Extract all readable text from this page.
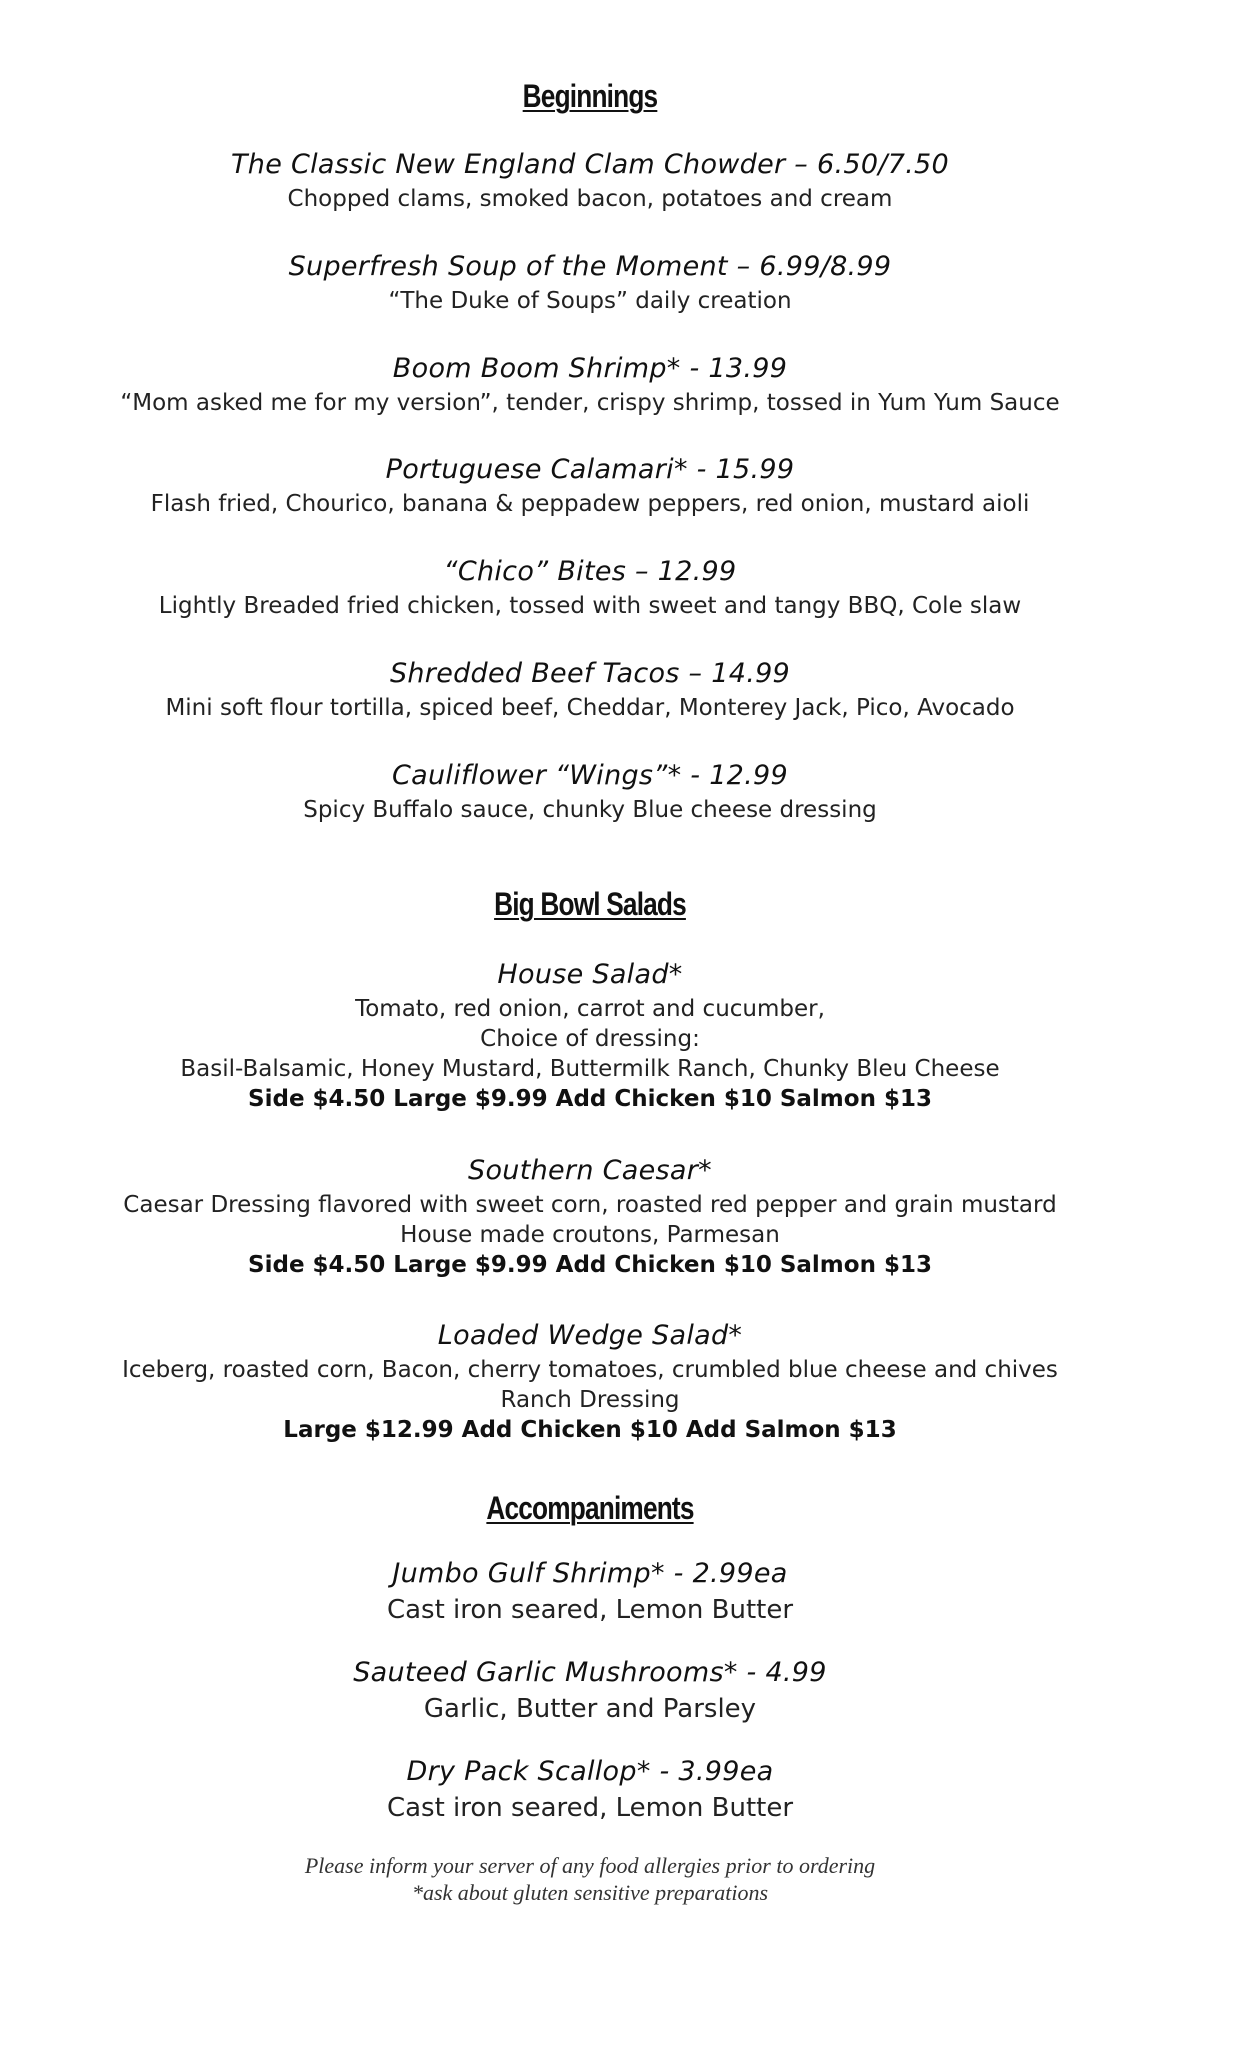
Beginnings
The Classic New England Clam Chowder – 6.50/7.50
Chopped clams, smoked bacon, potatoes and cream
Superfresh Soup of the Moment – 6.99/8.99
“The Duke of Soups” daily creation
Boom Boom Shrimp* - 13.99
“Mom asked me for my version”, tender, crispy shrimp, tossed in Yum Yum Sauce
Portuguese Calamari* - 15.99
Flash fried, Chourico, banana & peppadew peppers, red onion, mustard aioli
“Chico” Bites – 12.99
Lightly Breaded fried chicken, tossed with sweet and tangy BBQ, Cole slaw
Shredded Beef Tacos – 14.99
Mini soft flour tortilla, spiced beef, Cheddar, Monterey Jack, Pico, Avocado
Cauliflower “Wings”* - 12.99
Spicy Buffalo sauce, chunky Blue cheese dressing
Big Bowl Salads
House Salad*
Tomato, red onion, carrot and cucumber,
Choice of dressing:
Basil-Balsamic, Honey Mustard, Buttermilk Ranch, Chunky Bleu Cheese
Side $4.50 Large $9.99 Add Chicken $10 Salmon $13
Southern Caesar*
Caesar Dressing flavored with sweet corn, roasted red pepper and grain mustard
House made croutons, Parmesan
Side $4.50 Large $9.99 Add Chicken $10 Salmon $13
Loaded Wedge Salad*
Iceberg, roasted corn, Bacon, cherry tomatoes, crumbled blue cheese and chives
Ranch Dressing
Large $12.99 Add Chicken $10 Add Salmon $13
Accompaniments
Jumbo Gulf Shrimp* - 2.99ea
Cast iron seared, Lemon Butter
Sauteed Garlic Mushrooms* - 4.99
Garlic, Butter and Parsley
Dry Pack Scallop* - 3.99ea
Cast iron seared, Lemon Butter
Please inform your server of any food allergies prior to ordering
*ask about gluten sensitive preparations
